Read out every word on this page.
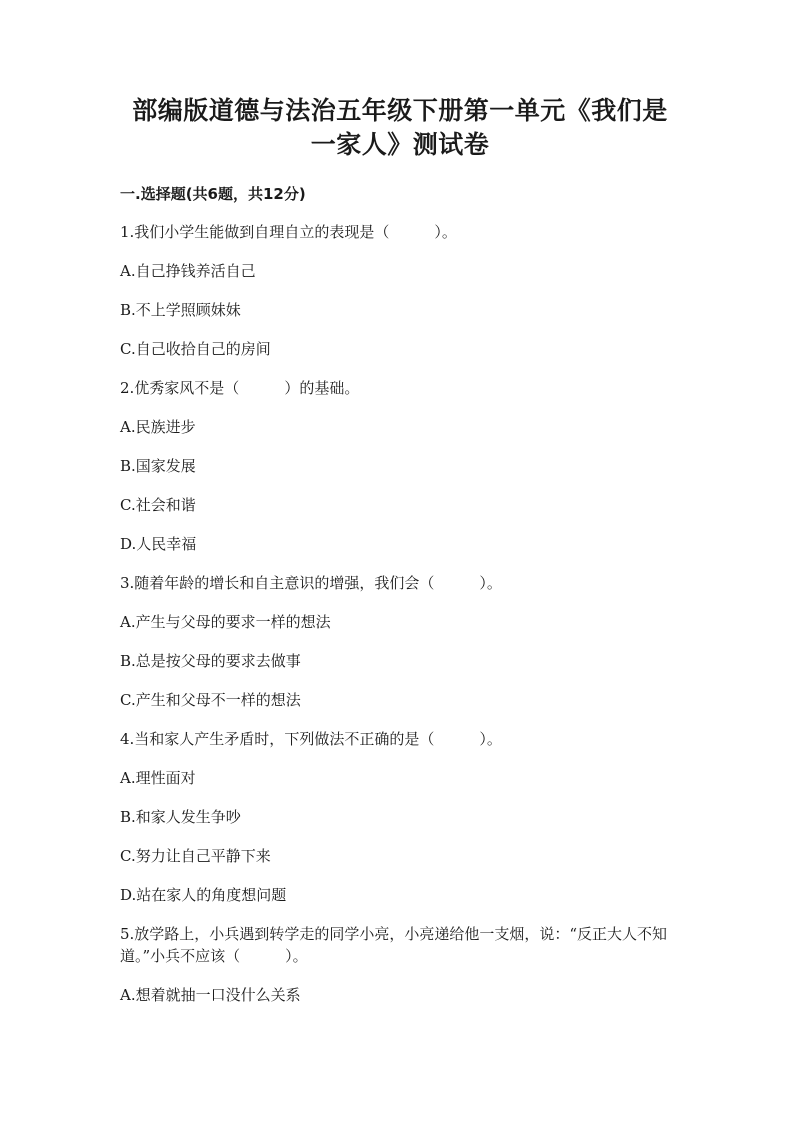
部编版道德与法治五年级下册第一单元《我们是一家人》测试卷
一.选择题(共6题，共12分)
1.我们小学生能做到自理自立的表现是（　　　）。
A.自己挣钱养活自己
B.不上学照顾妹妹
C.自己收拾自己的房间
2.优秀家风不是（　　　）的基础。
A.民族进步
B.国家发展
C.社会和谐
D.人民幸福
3.随着年龄的增长和自主意识的增强，我们会（　　　）。
A.产生与父母的要求一样的想法
B.总是按父母的要求去做事
C.产生和父母不一样的想法
4.当和家人产生矛盾时，下列做法不正确的是（　　　）。
A.理性面对
B.和家人发生争吵
C.努力让自己平静下来
D.站在家人的角度想问题
5.放学路上，小兵遇到转学走的同学小亮，小亮递给他一支烟，说：“反正大人不知道。”小兵不应该（　　　）。
A.想着就抽一口没什么关系
